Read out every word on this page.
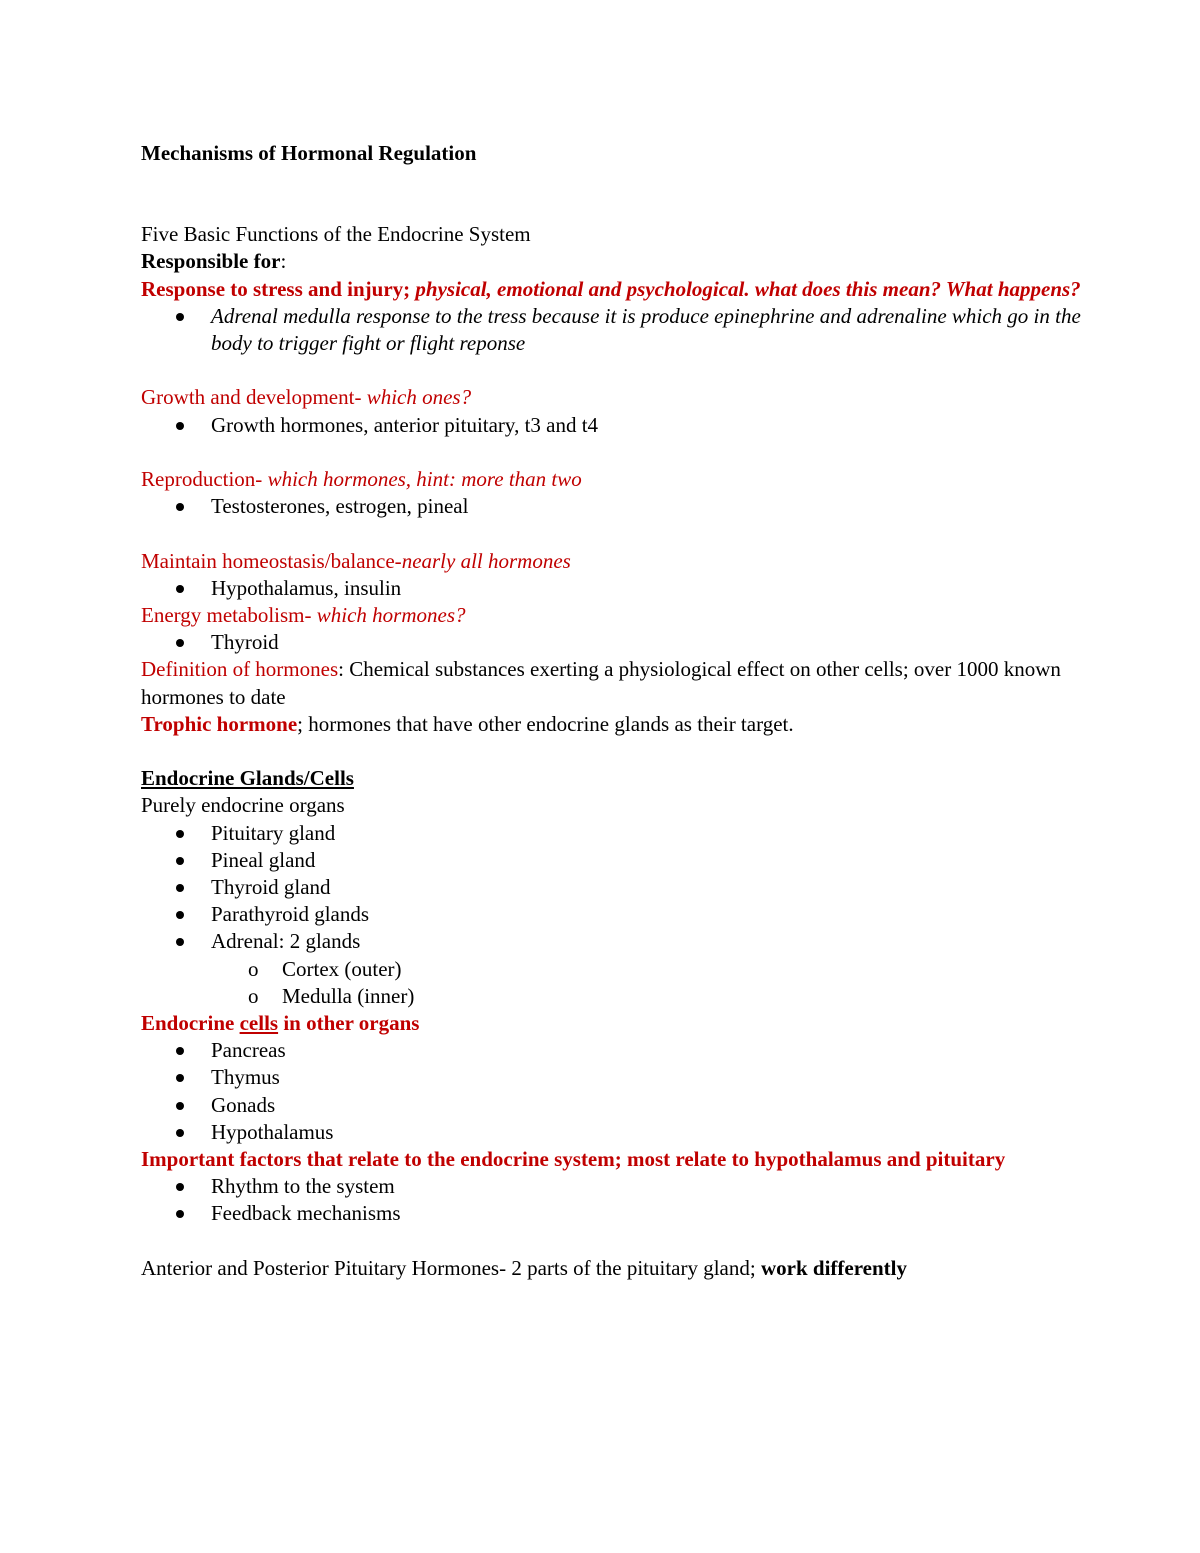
Mechanisms of Hormonal Regulation

Five Basic Functions of the Endocrine System

Responsible for:

Response to stress and injury; physical, emotional and psychological. what does this mean? What happens?

Adrenal medulla response to the tress because it is produce epinephrine and adrenaline which go in the body to trigger fight or flight reponse

Growth and development- which ones?

Growth hormones, anterior pituitary, t3 and t4

Reproduction- which hormones, hint: more than two

Testosterones, estrogen, pineal

Maintain homeostasis/balance-nearly all hormones

Hypothalamus, insulin

Energy metabolism- which hormones?

Thyroid

Definition of hormones: Chemical substances exerting a physiological effect on other cells; over 1000 known hormones to date

Trophic hormone; hormones that have other endocrine glands as their target.

Endocrine Glands/Cells

Purely endocrine organs

Pituitary gland
Pineal gland
Thyroid gland
Parathyroid glands
Adrenal: 2 glands
o Cortex (outer)
o Medulla (inner)

Endocrine cells in other organs

Pancreas
Thymus
Gonads
Hypothalamus

Important factors that relate to the endocrine system; most relate to hypothalamus and pituitary

Rhythm to the system
Feedback mechanisms

Anterior and Posterior Pituitary Hormones- 2 parts of the pituitary gland; work differently
